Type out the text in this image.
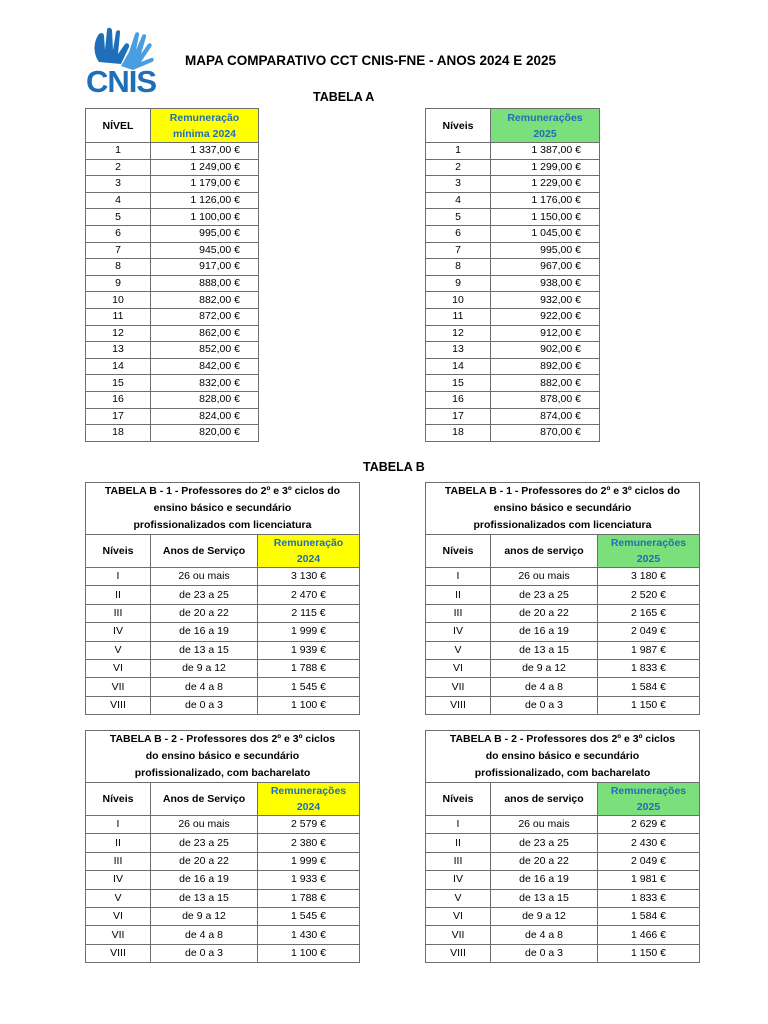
CNIS
MAPA COMPARATIVO CCT CNIS-FNE - ANOS 2024 E 2025
TABELA A
NÍVEL	Remuneração
mínima 2024

1	1 337,00 €
2	1 249,00 €
3	1 179,00 €
4	1 126,00 €
5	1 100,00 €
6	995,00 €
7	945,00 €
8	917,00 €
9	888,00 €
10	882,00 €
11	872,00 €
12	862,00 €
13	852,00 €
14	842,00 €
15	832,00 €
16	828,00 €
17	824,00 €
18	820,00 €
Níveis	Remunerações
2025

1	1 387,00 €
2	1 299,00 €
3	1 229,00 €
4	1 176,00 €
5	1 150,00 €
6	1 045,00 €
7	995,00 €
8	967,00 €
9	938,00 €
10	932,00 €
11	922,00 €
12	912,00 €
13	902,00 €
14	892,00 €
15	882,00 €
16	878,00 €
17	874,00 €
18	870,00 €
TABELA B
TABELA B - 1 - Professores do 2º e 3º ciclos do
ensino básico e secundário
profissionalizados com licenciatura		

Níveis	Anos de Serviço	Remuneração
2024

I	26 ou mais	3 130 €
II	de 23 a 25	2 470 €
III	de 20 a 22	2 115 €
IV	de 16 a 19	1 999 €
V	de 13 a 15	1 939 €
VI	de 9 a 12	1 788 €
VII	de 4 a 8	1 545 €
VIII	de 0 a 3	1 100 €
TABELA B - 1 - Professores do 2º e 3º ciclos do
ensino básico e secundário
profissionalizados com licenciatura		

Níveis	anos de serviço	Remunerações
2025

I	26 ou mais	3 180 €
II	de 23 a 25	2 520 €
III	de 20 a 22	2 165 €
IV	de 16 a 19	2 049 €
V	de 13 a 15	1 987 €
VI	de 9 a 12	1 833 €
VII	de 4 a 8	1 584 €
VIII	de 0 a 3	1 150 €
TABELA B - 2 - Professores dos 2º e 3º ciclos
do ensino básico e secundário
profissionalizado, com bacharelato		

Níveis	Anos de Serviço	Remunerações
2024

I	26 ou mais	2 579 €
II	de 23 a 25	2 380 €
III	de 20 a 22	1 999 €
IV	de 16 a 19	1 933 €
V	de 13 a 15	1 788 €
VI	de 9 a 12	1 545 €
VII	de 4 a 8	1 430 €
VIII	de 0 a 3	1 100 €
TABELA B - 2 - Professores dos 2º e 3º ciclos
do ensino básico e secundário
profissionalizado, com bacharelato		

Níveis	anos de serviço	Remunerações
2025

I	26 ou mais	2 629 €
II	de 23 a 25	2 430 €
III	de 20 a 22	2 049 €
IV	de 16 a 19	1 981 €
V	de 13 a 15	1 833 €
VI	de 9 a 12	1 584 €
VII	de 4 a 8	1 466 €
VIII	de 0 a 3	1 150 €
